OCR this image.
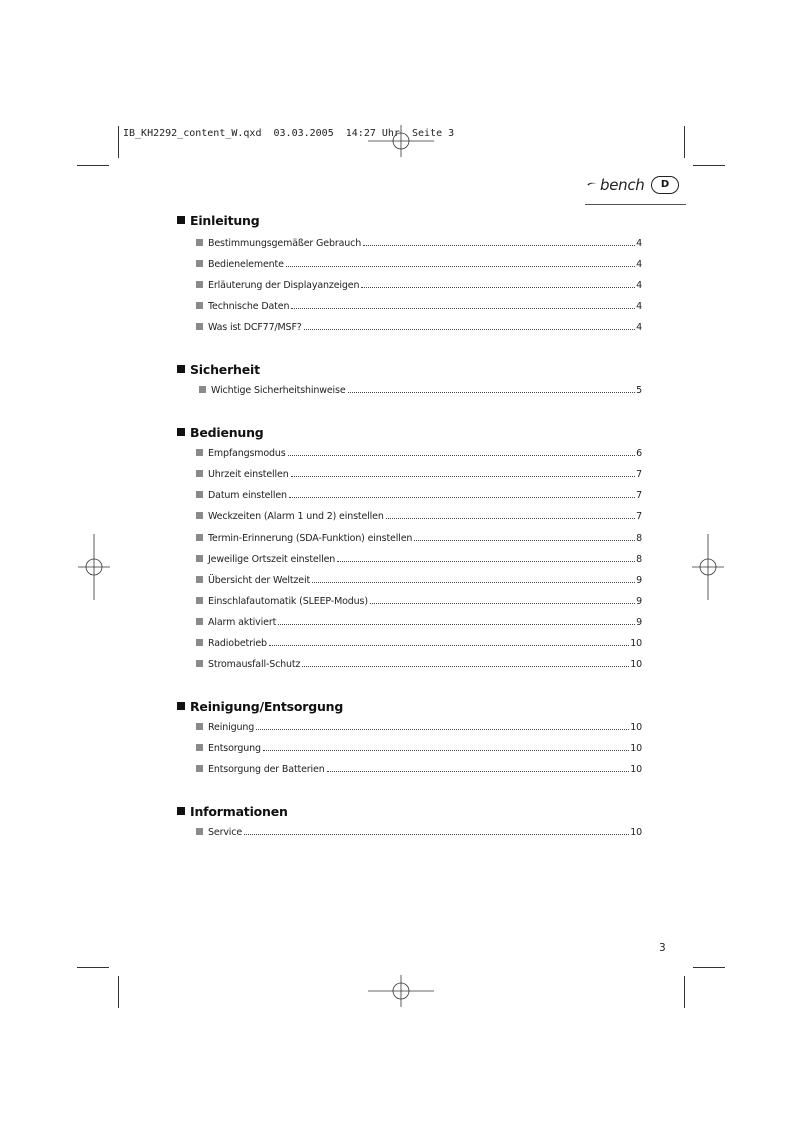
IB_KH2292_content_W.qxd  03.03.2005  14:27 Uhr  Seite 3
bench	D
Einleitung
Bestimmungsgemäßer Gebrauch	4
Bedienelemente	4
Erläuterung der Displayanzeigen	4
Technische Daten	4
Was ist DCF77/MSF?	4
Sicherheit
Wichtige Sicherheitshinweise	5
Bedienung
Empfangsmodus	6
Uhrzeit einstellen	7
Datum einstellen	7
Weckzeiten (Alarm 1 und 2) einstellen	7
Termin-Erinnerung (SDA-Funktion) einstellen	8
Jeweilige Ortszeit einstellen	8
Übersicht der Weltzeit	9
Einschlafautomatik (SLEEP-Modus)	9
Alarm aktiviert	9
Radiobetrieb	10
Stromausfall-Schutz	10
Reinigung/Entsorgung
Reinigung	10
Entsorgung	10
Entsorgung der Batterien	10
Informationen
Service	10
3
